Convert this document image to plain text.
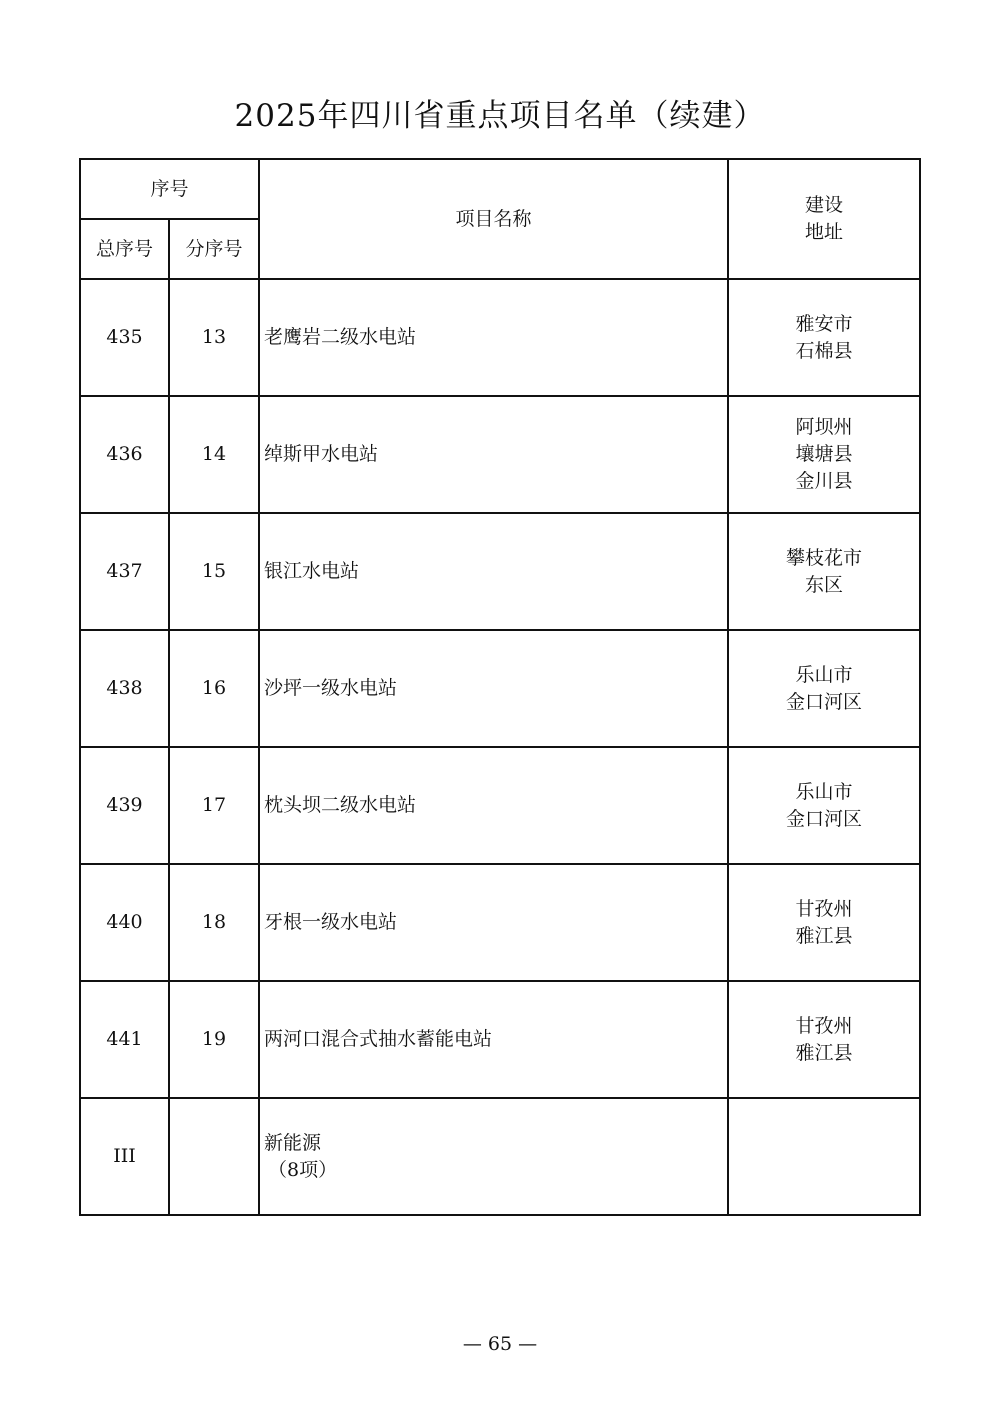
2025年四川省重点项目名单（续建）
序号		项目名称	建设
地址

总序号	分序号		
435	13	老鹰岩二级水电站	雅安市
石棉县

436	14	绰斯甲水电站	阿坝州
壤塘县
金川县

437	15	银江水电站	攀枝花市
东区

438	16	沙坪一级水电站	乐山市
金口河区

439	17	枕头坝二级水电站	乐山市
金口河区

440	18	牙根一级水电站	甘孜州
雅江县

441	19	两河口混合式抽水蓄能电站	甘孜州
雅江县

III		新能源
（8项）	

— 65 —
